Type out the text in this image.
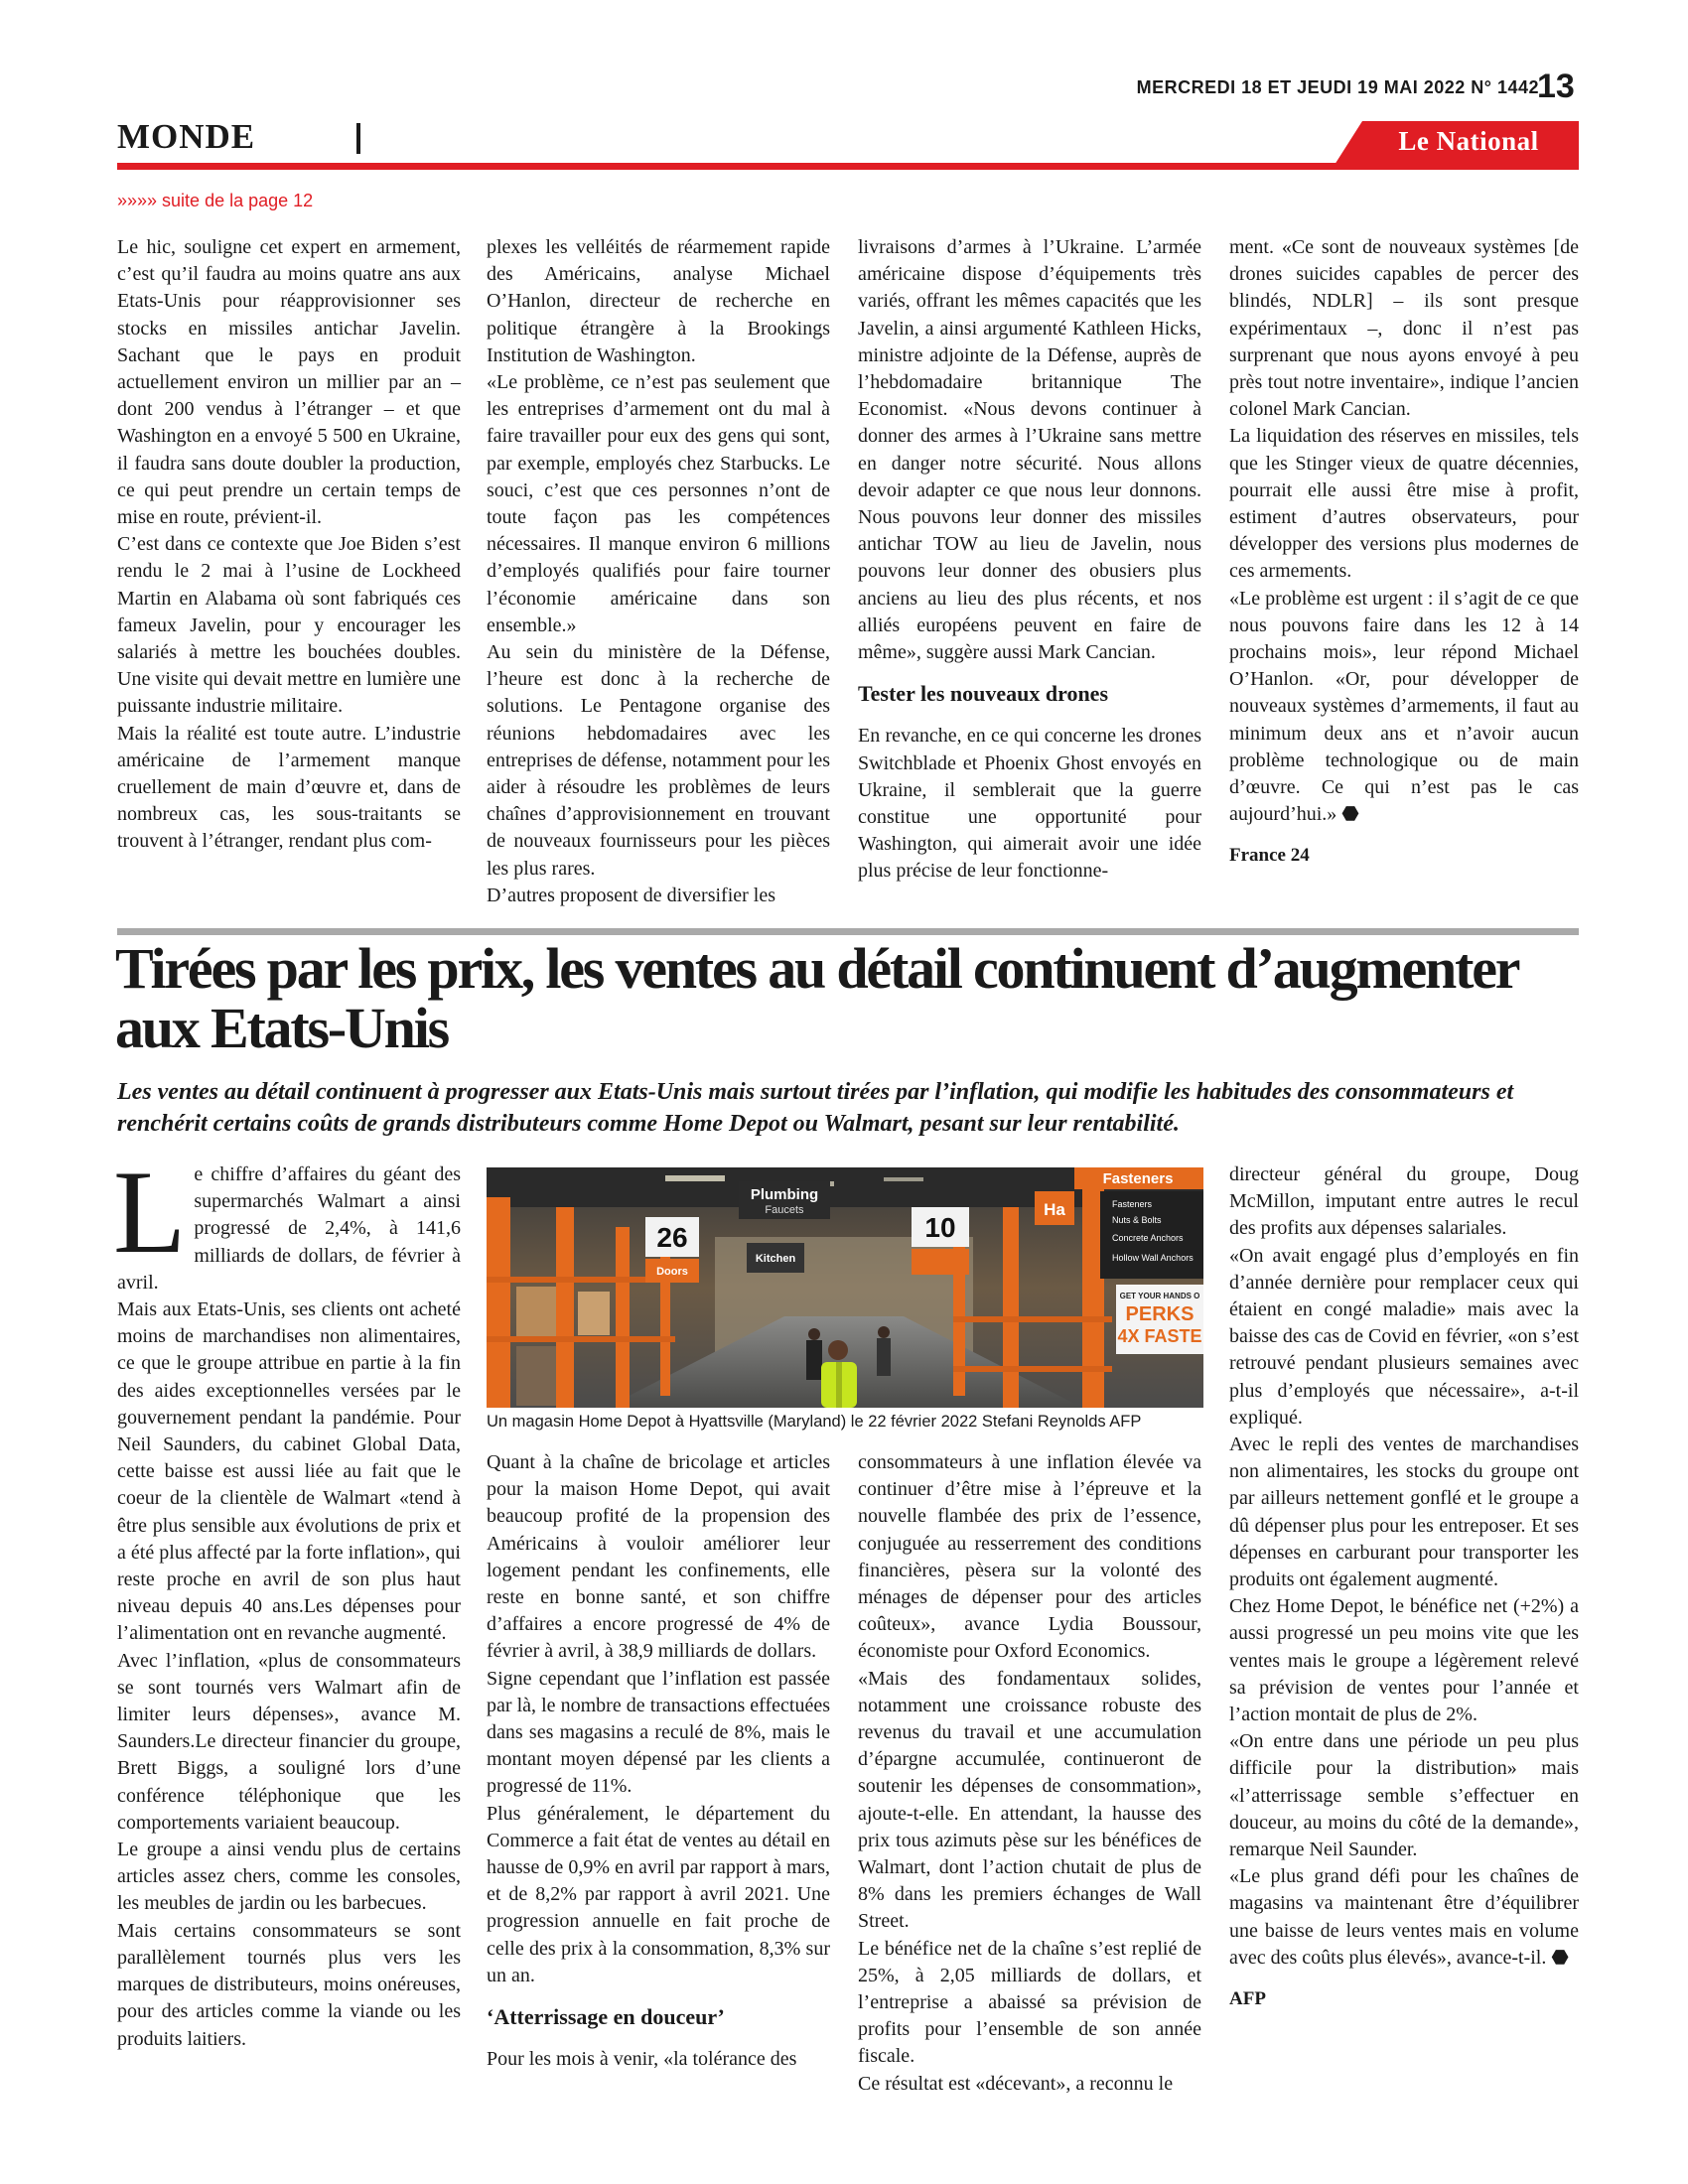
MERCREDI 18 ET JEUDI 19 MAI 2022 N° 1442
13
MONDE	Le National
»»»» suite de la page 12

Le hic, souligne cet expert en armement, c’est qu’il faudra au moins quatre ans aux Etats-Unis pour réapprovisionner ses stocks en missiles antichar Javelin. Sachant que le pays en produit actuellement environ un millier par an – dont 200 vendus à l’étranger – et que Washington en a envoyé 5 500 en Ukraine, il faudra sans doute doubler la production, ce qui peut prendre un certain temps de mise en route, prévient-il.

C’est dans ce contexte que Joe Biden s’est rendu le 2 mai à l’usine de Lockheed Martin en Alabama où sont fabriqués ces fameux Javelin, pour y encourager les salariés à mettre les bouchées doubles. Une visite qui devait mettre en lumière une puissante industrie militaire.

Mais la réalité est toute autre. L’industrie américaine de l’armement manque cruellement de main d’œuvre et, dans de nombreux cas, les sous-traitants se trouvent à l’étranger, rendant plus com-

plexes les velléités de réarmement rapide des Américains, analyse Michael O’Hanlon, directeur de recherche en politique étrangère à la Brookings Institution de Washington.

«Le problème, ce n’est pas seulement que les entreprises d’armement ont du mal à faire travailler pour eux des gens qui sont, par exemple, employés chez Starbucks. Le souci, c’est que ces personnes n’ont de toute façon pas les compétences nécessaires. Il manque environ 6 millions d’employés qualifiés pour faire tourner l’économie américaine dans son ensemble.»

Au sein du ministère de la Défense, l’heure est donc à la recherche de solutions. Le Pentagone organise des réunions hebdomadaires avec les entreprises de défense, notamment pour les aider à résoudre les problèmes de leurs chaînes d’approvisionnement en trouvant de nouveaux fournisseurs pour les pièces les plus rares.

D’autres proposent de diversifier les

livraisons d’armes à l’Ukraine. L’armée américaine dispose d’équipements très variés, offrant les mêmes capacités que les Javelin, a ainsi argumenté Kathleen Hicks, ministre adjointe de la Défense, auprès de l’hebdomadaire britannique The Economist. «Nous devons continuer à donner des armes à l’Ukraine sans mettre en danger notre sécurité. Nous allons devoir adapter ce que nous leur donnons. Nous pouvons leur donner des missiles antichar TOW au lieu de Javelin, nous pouvons leur donner des obusiers plus anciens au lieu des plus récents, et nos alliés européens peuvent en faire de même», suggère aussi Mark Cancian.

Tester les nouveaux drones

En revanche, en ce qui concerne les drones Switchblade et Phoenix Ghost envoyés en Ukraine, il semblerait que la guerre constitue une opportunité pour Washington, qui aimerait avoir une idée plus précise de leur fonctionne-

ment. «Ce sont de nouveaux systèmes [de drones suicides capables de percer des blindés, NDLR] – ils sont presque expérimentaux –, donc il n’est pas surprenant que nous ayons envoyé à peu près tout notre inventaire», indique l’ancien colonel Mark Cancian.

La liquidation des réserves en missiles, tels que les Stinger vieux de quatre décennies, pourrait elle aussi être mise à profit, estiment d’autres observateurs, pour développer des versions plus modernes de ces armements.

«Le problème est urgent : il s’agit de ce que nous pouvons faire dans les 12 à 14 prochains mois», leur répond Michael O’Hanlon. «Or, pour développer de nouveaux systèmes d’armements, il faut au minimum deux ans et n’avoir aucun problème technologique ou de main d’œuvre. Ce qui n’est pas le cas aujourd’hui.» ⬣

France 24

Tirées par les prix, les ventes au détail continuent d’augmenter aux Etats-Unis
Les ventes au détail continuent à progresser aux Etats-Unis mais surtout tirées par l’inflation, qui modifie les habitudes des consommateurs et renchérit certains coûts de grands distributeurs comme Home Depot ou Walmart, pesant sur leur rentabilité.

Le chiffre d’affaires du géant des supermarchés Walmart a ainsi progressé de 2,4%, à 141,6 milliards de dollars, de février à avril.

Mais aux Etats-Unis, ses clients ont acheté moins de marchandises non alimentaires, ce que le groupe attribue en partie à la fin des aides exceptionnelles versées par le gouvernement pendant la pandémie. Pour Neil Saunders, du cabinet Global Data, cette baisse est aussi liée au fait que le coeur de la clientèle de Walmart «tend à être plus sensible aux évolutions de prix et a été plus affecté par la forte inflation», qui reste proche en avril de son plus haut niveau depuis 40 ans.Les dépenses pour l’alimentation ont en revanche augmenté.

Avec l’inflation, «plus de consommateurs se sont tournés vers Walmart afin de limiter leurs dépenses», avance M. Saunders.Le directeur financier du groupe, Brett Biggs, a souligné lors d’une conférence téléphonique que les comportements variaient beaucoup.

Le groupe a ainsi vendu plus de certains articles assez chers, comme les consoles, les meubles de jardin ou les barbecues.

Mais certains consommateurs se sont parallèlement tournés plus vers les marques de distributeurs, moins onéreuses, pour des articles comme la viande ou les produits laitiers.

Plumbing
Faucets
26
Doors
Kitchen
10
Ha
Fasteners
Fasteners
Nuts & Bolts
Concrete Anchors
Hollow Wall Anchors
GET YOUR HANDS O
PERKS
4X FASTE
Un magasin Home Depot à Hyattsville (Maryland) le 22 février 2022 Stefani Reynolds AFP

Quant à la chaîne de bricolage et articles pour la maison Home Depot, qui avait beaucoup profité de la propension des Américains à vouloir améliorer leur logement pendant les confinements, elle reste en bonne santé, et son chiffre d’affaires a encore progressé de 4% de février à avril, à 38,9 milliards de dollars.

Signe cependant que l’inflation est passée par là, le nombre de transactions effectuées dans ses magasins a reculé de 8%, mais le montant moyen dépensé par les clients a progressé de 11%.

Plus généralement, le département du Commerce a fait état de ventes au détail en hausse de 0,9% en avril par rapport à mars, et de 8,2% par rapport à avril 2021. Une progression annuelle en fait proche de celle des prix à la consommation, 8,3% sur un an.

‘Atterrissage en douceur’

Pour les mois à venir, «la tolérance des

consommateurs à une inflation élevée va continuer d’être mise à l’épreuve et la nouvelle flambée des prix de l’essence, conjuguée au resserrement des conditions financières, pèsera sur la volonté des ménages de dépenser pour des articles coûteux», avance Lydia Boussour, économiste pour Oxford Economics.

«Mais des fondamentaux solides, notamment une croissance robuste des revenus du travail et une accumulation d’épargne accumulée, continueront de soutenir les dépenses de consommation», ajoute-t-elle. En attendant, la hausse des prix tous azimuts pèse sur les bénéfices de Walmart, dont l’action chutait de plus de 8% dans les premiers échanges de Wall Street.

Le bénéfice net de la chaîne s’est replié de 25%, à 2,05 milliards de dollars, et l’entreprise a abaissé sa prévision de profits pour l’ensemble de son année fiscale.

Ce résultat est «décevant», a reconnu le

directeur général du groupe, Doug McMillon, imputant entre autres le recul des profits aux dépenses salariales.

«On avait engagé plus d’employés en fin d’année dernière pour remplacer ceux qui étaient en congé maladie» mais avec la baisse des cas de Covid en février, «on s’est retrouvé pendant plusieurs semaines avec plus d’employés que nécessaire», a-t-il expliqué.

Avec le repli des ventes de marchandises non alimentaires, les stocks du groupe ont par ailleurs nettement gonflé et le groupe a dû dépenser plus pour les entreposer. Et ses dépenses en carburant pour transporter les produits ont également augmenté.

Chez Home Depot, le bénéfice net (+2%) a aussi progressé un peu moins vite que les ventes mais le groupe a légèrement relevé sa prévision de ventes pour l’année et l’action montait de plus de 2%.

«On entre dans une période un peu plus difficile pour la distribution» mais «l’atterrissage semble s’effectuer en douceur, au moins du côté de la demande», remarque Neil Saunder.

«Le plus grand défi pour les chaînes de magasins va maintenant être d’équilibrer une baisse de leurs ventes mais en volume avec des coûts plus élevés», avance-t-il. ⬣

AFP
